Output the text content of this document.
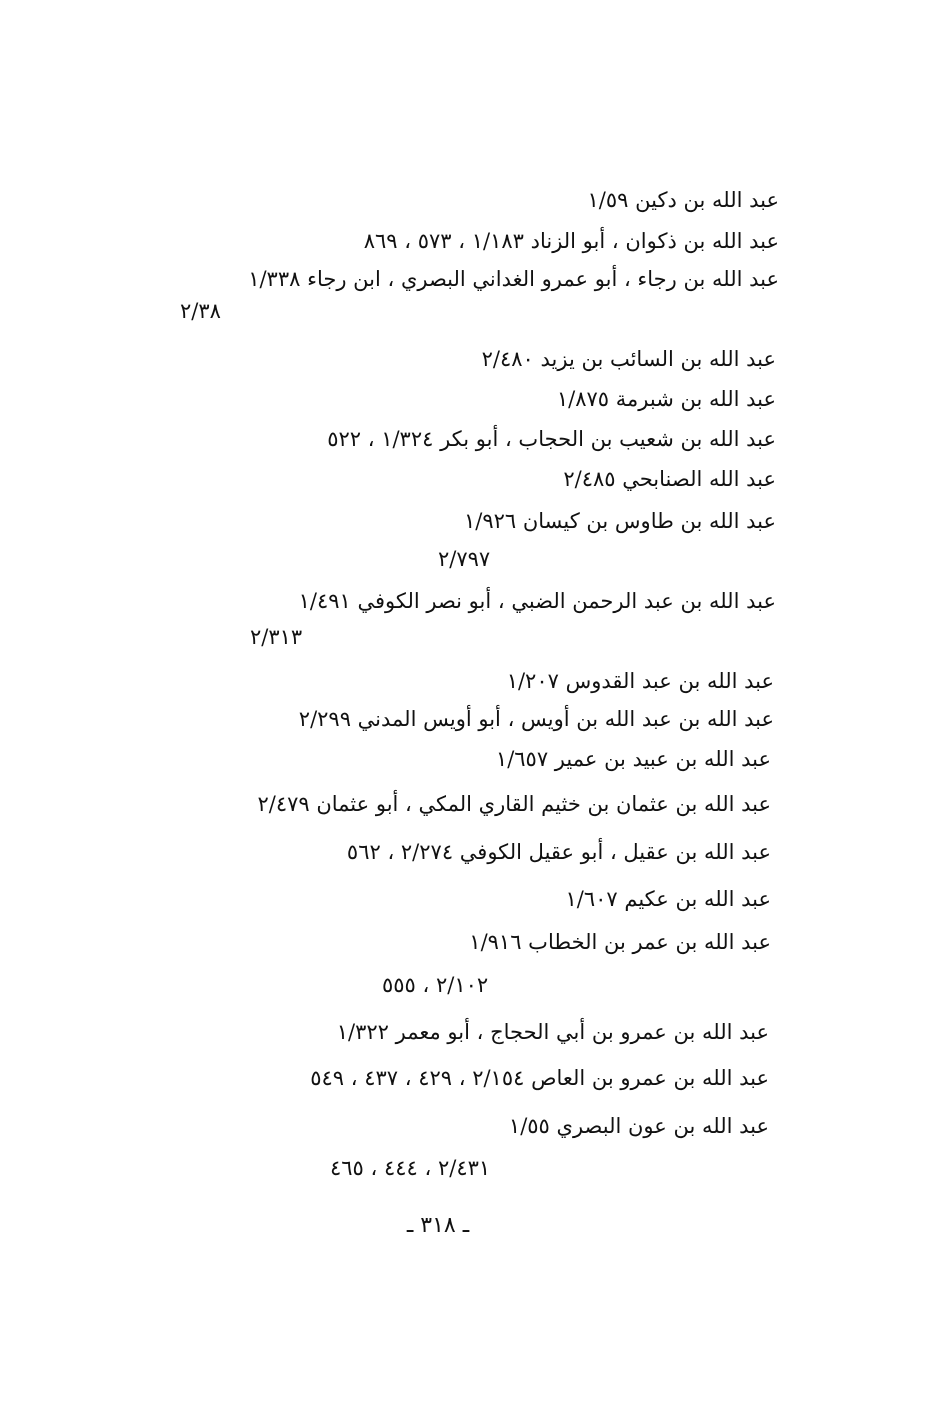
عبد الله بن دكين ١/٥٩
عبد الله بن ذكوان ، أبو الزناد ١/١٨٣ ، ٥٧٣ ، ٨٦٩
عبد الله بن رجاء ، أبو عمرو الغداني البصري ، ابن رجاء ١/٣٣٨
٢/٣٨
عبد الله بن السائب بن يزيد ٢/٤٨٠
عبد الله بن شبرمة ١/٨٧٥
عبد الله بن شعيب بن الحجاب ، أبو بكر ١/٣٢٤ ، ٥٢٢
عبد الله الصنابحي ٢/٤٨٥
عبد الله بن طاوس بن كيسان ١/٩٢٦
٢/٧٩٧
عبد الله بن عبد الرحمن الضبي ، أبو نصر الكوفي ١/٤٩١
٢/٣١٣
عبد الله بن عبد القدوس ١/٢٠٧
عبد الله بن عبد الله بن أويس ، أبو أويس المدني ٢/٢٩٩
عبد الله بن عبيد بن عمير ١/٦٥٧
عبد الله بن عثمان بن خثيم القاري المكي ، أبو عثمان ٢/٤٧٩
عبد الله بن عقيل ، أبو عقيل الكوفي ٢/٢٧٤ ، ٥٦٢
عبد الله بن عكيم ١/٦٠٧
عبد الله بن عمر بن الخطاب ١/٩١٦
٢/١٠٢ ، ٥٥٥
عبد الله بن عمرو بن أبي الحجاج ، أبو معمر ١/٣٢٢
عبد الله بن عمرو بن العاص ٢/١٥٤ ، ٤٢٩ ، ٤٣٧ ، ٥٤٩
عبد الله بن عون البصري ١/٥٥
٢/٤٣١ ، ٤٤٤ ، ٤٦٥
ـ ٣١٨ ـ
